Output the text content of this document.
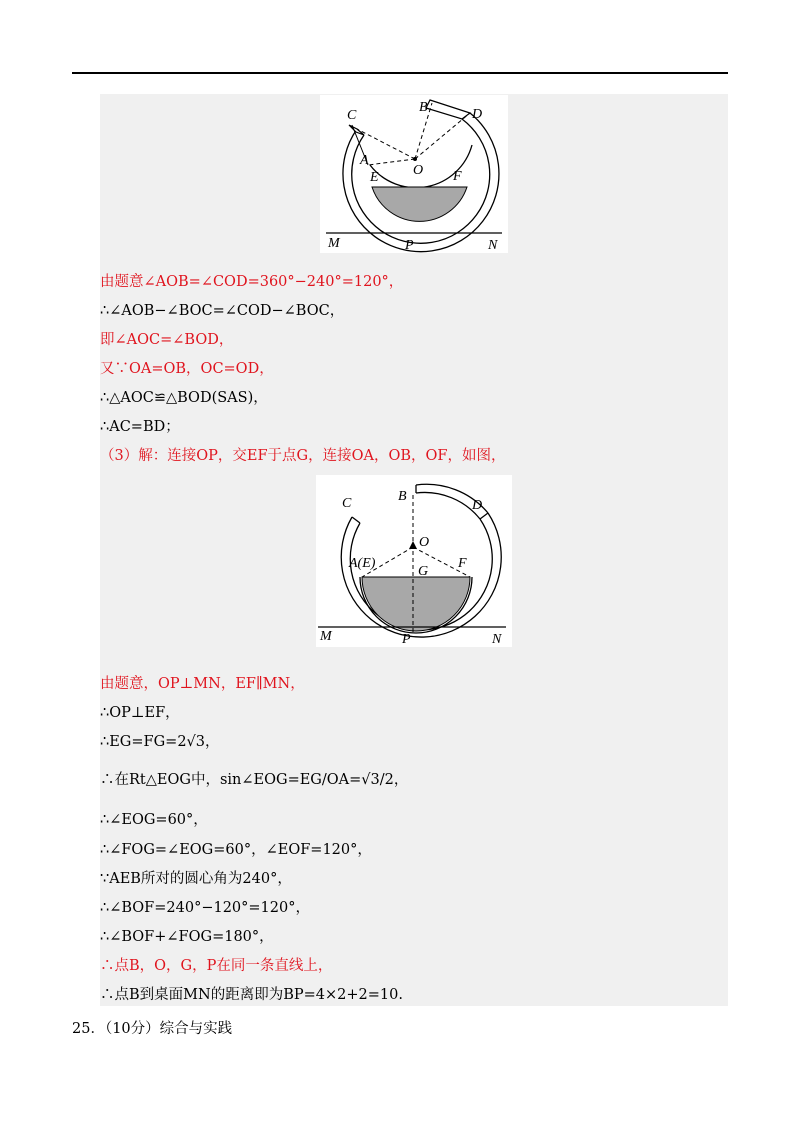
C
B	D
A
O
E	F
M	P	N
由题意∠AOB=∠COD=360°−240°=120°，
∴∠AOB−∠BOC=∠COD−∠BOC，
即∠AOC=∠BOD，
又∵OA=OB，OC=OD，
∴△AOC≌△BOD(SAS)，
∴AC=BD；
（3）解：连接OP，交EF于点G，连接OA，OB，OF，如图，
C	B
D
A(E)
O
G
F
M	P	N
由题意，OP⊥MN，EF∥MN，
∴OP⊥EF，
∴EG=FG=2√3，
∴在Rt△EOG中，sin∠EOG=EG/OA=√3/2，
∴∠EOG=60°，
∴∠FOG=∠EOG=60°，∠EOF=120°，
∵AEB所对的圆心角为240°，
∴∠BOF=240°−120°=120°，
∴∠BOF+∠FOG=180°，
∴点B，O，G，P在同一条直线上，
∴点B到桌面MN的距离即为BP=4×2+2=10.
25．（10分）综合与实践
